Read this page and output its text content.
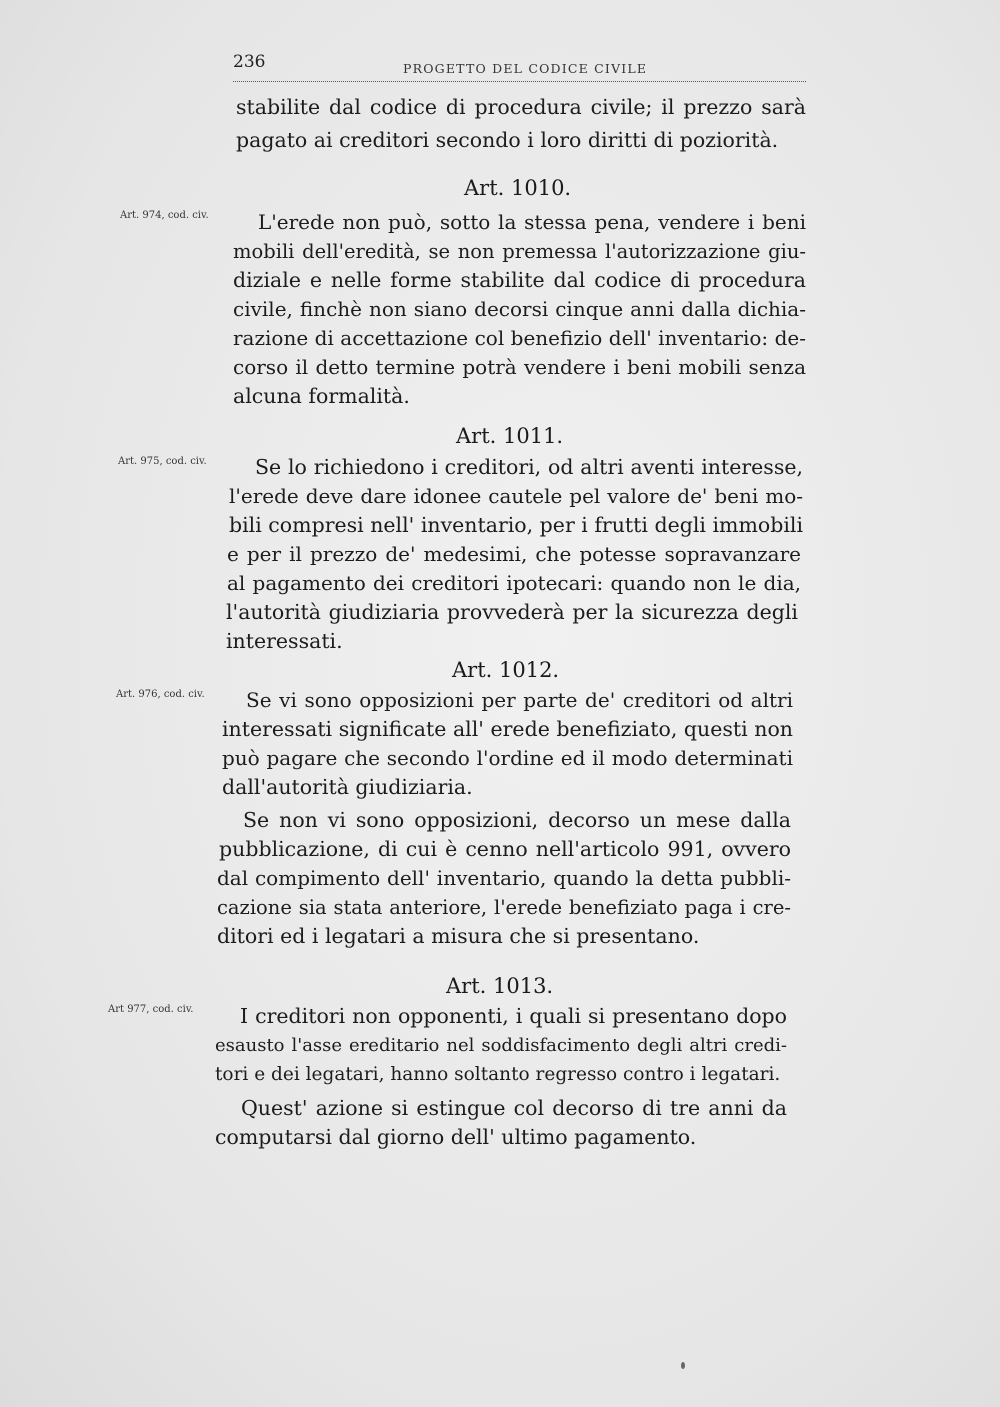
236	PROGETTO DEL CODICE CIVILE
stabilite dal codice di procedura civile; il prezzo sarà
pagato ai creditori secondo i loro diritti di poziorità.
Art. 1010.
Art. 974, cod. civ. L'erede non può, sotto la stessa pena, vendere i beni
mobili dell'eredità, se non premessa l'autorizzazione giu-
diziale e nelle forme stabilite dal codice di procedura
civile, finchè non siano decorsi cinque anni dalla dichia-
razione di accettazione col benefizio dell' inventario: de-
corso il detto termine potrà vendere i beni mobili senza
alcuna formalità.
Art. 1011.
Art. 975, cod. civ. Se lo richiedono i creditori, od altri aventi interesse,
l'erede deve dare idonee cautele pel valore de' beni mo-
bili compresi nell' inventario, per i frutti degli immobili
e per il prezzo de' medesimi, che potesse sopravanzare
al pagamento dei creditori ipotecari: quando non le dia,
l'autorità giudiziaria provvederà per la sicurezza degli
interessati.
Art. 1012.
Art. 976, cod. civ. Se vi sono opposizioni per parte de' creditori od altri
interessati significate all' erede benefiziato, questi non
può pagare che secondo l'ordine ed il modo determinati
dall'autorità giudiziaria.
Se non vi sono opposizioni, decorso un mese dalla
pubblicazione, di cui è cenno nell'articolo 991, ovvero
dal compimento dell' inventario, quando la detta pubbli-
cazione sia stata anteriore, l'erede benefiziato paga i cre-
ditori ed i legatari a misura che si presentano.
Art. 1013.
Art 977, cod. civ. I creditori non opponenti, i quali si presentano dopo
esausto l'asse ereditario nel soddisfacimento degli altri credi-
tori e dei legatari, hanno soltanto regresso contro i legatari.
Quest' azione si estingue col decorso di tre anni da
computarsi dal giorno dell' ultimo pagamento.
